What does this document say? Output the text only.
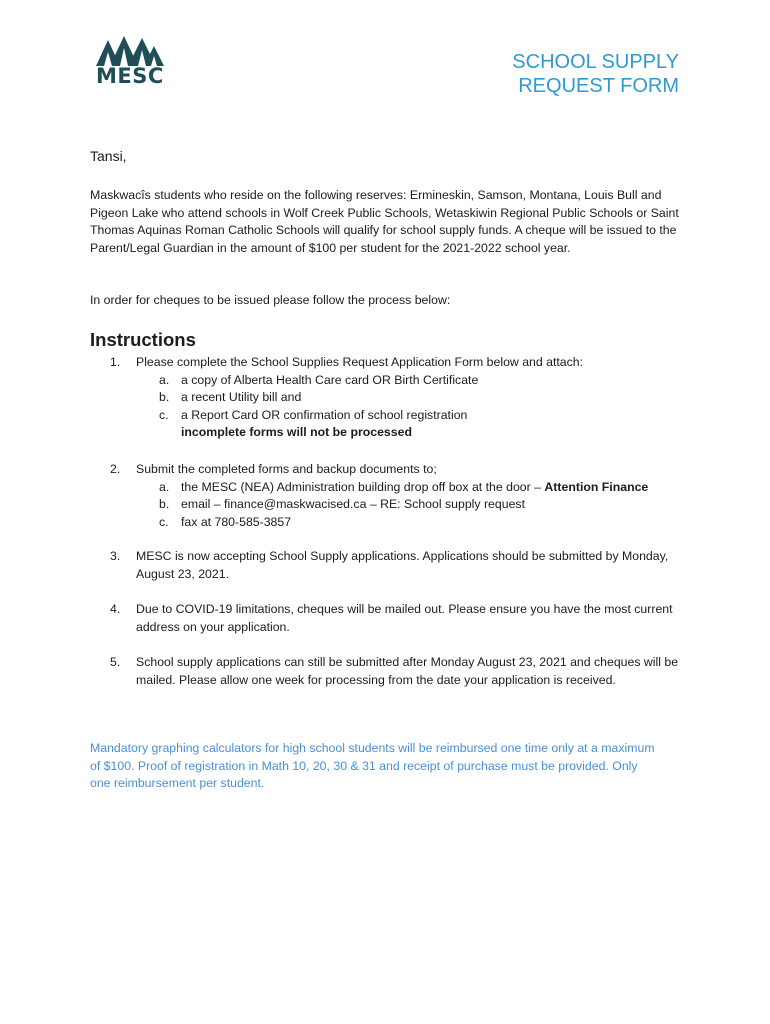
MESC
SCHOOL SUPPLY
REQUEST FORM
Tansi,
Maskwacîs students who reside on the following reserves: Ermineskin, Samson, Montana, Louis Bull and Pigeon Lake who attend schools in Wolf Creek Public Schools, Wetaskiwin Regional Public Schools or Saint Thomas Aquinas Roman Catholic Schools will qualify for school supply funds. A cheque will be issued to the Parent/Legal Guardian in the amount of $100 per student for the 2021-2022 school year.
In order for cheques to be issued please follow the process below:
Instructions
1.	Please complete the School Supplies Request Application Form below and attach:
a. a copy of Alberta Health Care card OR Birth Certificate
b. a recent Utility bill and
c. a Report Card OR confirmation of school registration
incomplete forms will not be processed
2.	Submit the completed forms and backup documents to;
a. the MESC (NEA) Administration building drop off box at the door – Attention Finance
b. email – finance@maskwacised.ca – RE: School supply request
c. fax at 780-585-3857
3.	MESC is now accepting School Supply applications. Applications should be submitted by Monday, August 23, 2021.
4.	Due to COVID-19 limitations, cheques will be mailed out. Please ensure you have the most current address on your application.
5.	School supply applications can still be submitted after Monday August 23, 2021 and cheques will be mailed. Please allow one week for processing from the date your application is received.
Mandatory graphing calculators for high school students will be reimbursed one time only at a maximum of $100. Proof of registration in Math 10, 20, 30 & 31 and receipt of purchase must be provided. Only one reimbursement per student.
